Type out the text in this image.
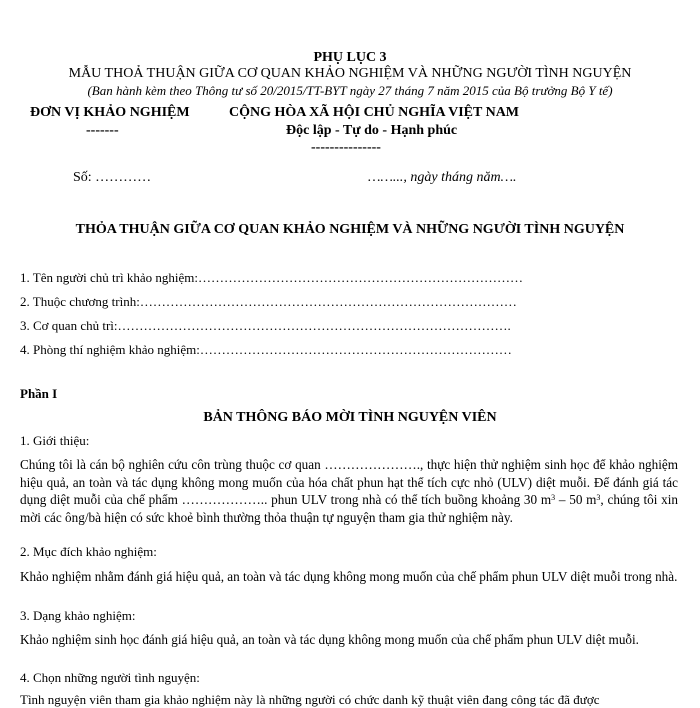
PHỤ LỤC 3
MẪU THOẢ THUẬN GIỮA CƠ QUAN KHẢO NGHIỆM VÀ NHỮNG NGƯỜI TÌNH NGUYỆN
(Ban hành kèm theo Thông tư số 20/2015/TT-BYT ngày 27 tháng 7 năm 2015 của Bộ trưởng Bộ Y tế)
ĐƠN VỊ KHẢO NGHIỆM
-------
CỘNG HÒA XÃ HỘI CHỦ NGHĨA VIỆT NAM
Độc lập - Tự do - Hạnh phúc
---------------
Số: …………	……..., ngày tháng năm….
THỎA THUẬN GIỮA CƠ QUAN KHẢO NGHIỆM VÀ NHỮNG NGƯỜI TÌNH NGUYỆN
1. Tên người chủ trì khảo nghiệm:…………………………………………………………………
2. Thuộc chương trình:……………………………………………………………………………
3. Cơ quan chủ trì:……………………………………………………………………………….
4. Phòng thí nghiệm khảo nghiệm:………………………………………………………………
Phần I
BẢN THÔNG BÁO MỜI TÌNH NGUYỆN VIÊN
1. Giới thiệu:
Chúng tôi là cán bộ nghiên cứu côn trùng thuộc cơ quan …………………., thực hiện thử nghiệm sinh học để khảo nghiệm hiệu quả, an toàn và tác dụng không mong muốn của hóa chất phun hạt thể tích cực nhỏ (ULV) diệt muỗi. Để đánh giá tác dụng diệt muỗi của chế phẩm ……………….. phun ULV trong nhà có thể tích buồng khoảng 30 $m^3 - 50$ $m^3$, chúng tôi xin mời các ông/bà hiện có sức khoẻ bình thường thỏa thuận tự nguyện tham gia thử nghiệm này.
2. Mục đích khảo nghiệm:
Khảo nghiệm nhằm đánh giá hiệu quả, an toàn và tác dụng không mong muốn của chế phẩm phun ULV diệt muỗi trong nhà.
3. Dạng khảo nghiệm:
Khảo nghiệm sinh học đánh giá hiệu quả, an toàn và tác dụng không mong muốn của chế phẩm phun ULV diệt muỗi.
4. Chọn những người tình nguyện:
Tình nguyện viên tham gia khảo nghiệm này là những người có chức danh kỹ thuật viên đang công tác đã được
